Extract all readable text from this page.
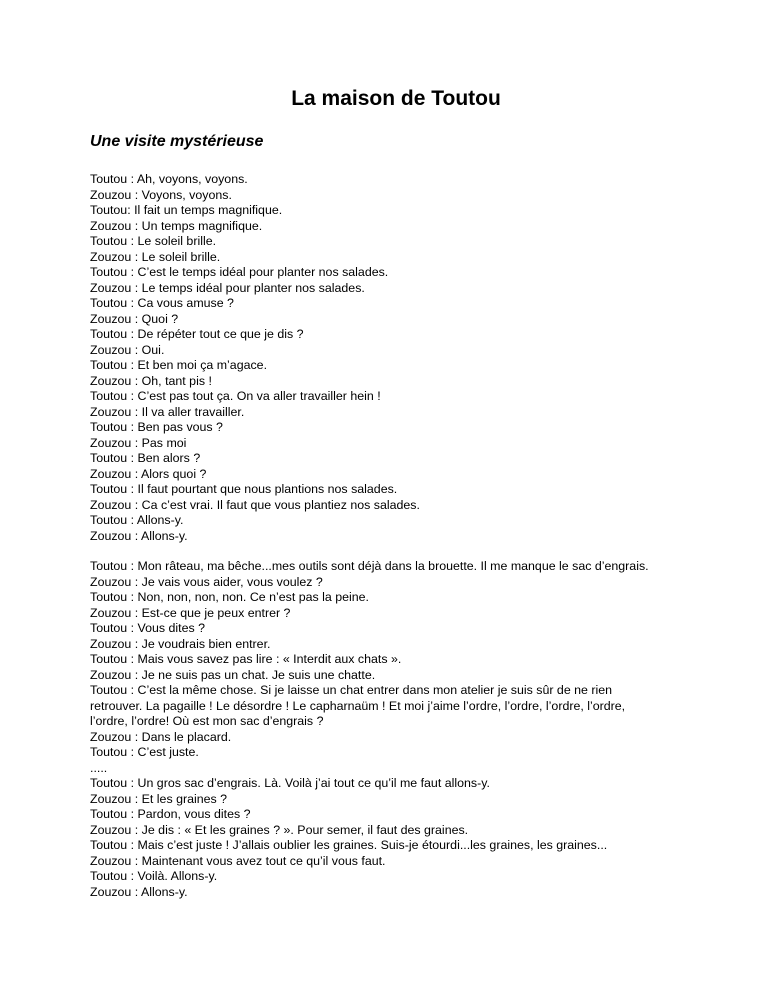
La maison de Toutou
Une visite mystérieuse
Toutou : Ah, voyons, voyons.
Zouzou : Voyons, voyons.
Toutou: Il fait un temps magnifique.
Zouzou : Un temps magnifique.
Toutou : Le soleil brille.
Zouzou : Le soleil brille.
Toutou : C’est le temps idéal pour planter nos salades.
Zouzou : Le temps idéal pour planter nos salades.
Toutou : Ca vous amuse ?
Zouzou : Quoi ?
Toutou : De répéter tout ce que je dis ?
Zouzou : Oui.
Toutou : Et ben moi ça m’agace.
Zouzou : Oh, tant pis !
Toutou : C’est pas tout ça. On va aller travailler hein !
Zouzou : Il va aller travailler.
Toutou : Ben pas vous ?
Zouzou : Pas moi
Toutou : Ben alors ?
Zouzou : Alors quoi ?
Toutou : Il faut pourtant que nous plantions nos salades.
Zouzou : Ca c’est vrai. Il faut que vous plantiez nos salades.
Toutou : Allons-y.
Zouzou : Allons-y.
Toutou : Mon râteau, ma bêche...mes outils sont déjà dans la brouette. Il me manque le sac d’engrais.
Zouzou : Je vais vous aider, vous voulez ?
Toutou : Non, non, non, non. Ce n’est pas la peine.
Zouzou : Est-ce que je peux entrer ?
Toutou : Vous dites ?
Zouzou : Je voudrais bien entrer.
Toutou : Mais vous savez pas lire : « Interdit aux chats ».
Zouzou : Je ne suis pas un chat. Je suis une chatte.
Toutou : C’est la même chose. Si je laisse un chat entrer dans mon atelier je suis sûr de ne rien
retrouver. La pagaille ! Le désordre ! Le capharnaüm ! Et moi j’aime l’ordre, l’ordre, l’ordre, l’ordre,
l’ordre, l’ordre! Où est mon sac d’engrais ?
Zouzou : Dans le placard.
Toutou : C’est juste.
.....
Toutou : Un gros sac d’engrais. Là. Voilà j’ai tout ce qu’il me faut allons-y.
Zouzou : Et les graines ?
Toutou : Pardon, vous dites ?
Zouzou : Je dis : « Et les graines ? ». Pour semer, il faut des graines.
Toutou : Mais c’est juste ! J’allais oublier les graines. Suis-je étourdi...les graines, les graines...
Zouzou : Maintenant vous avez tout ce qu’il vous faut.
Toutou : Voilà. Allons-y.
Zouzou : Allons-y.
